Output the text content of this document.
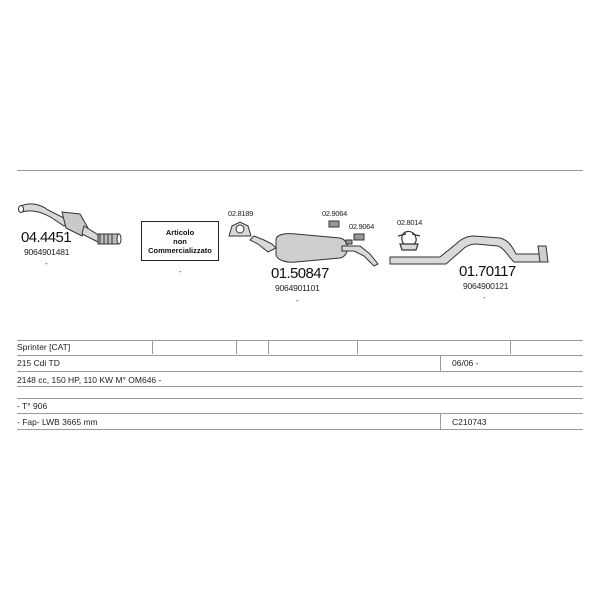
04.4451
9064901481
-
Articolo
non
Commercializzato
-
02.8189	02.9064
02.9064	02.8014
01.50847
9064901101
-
01.70117
9064900121
-
Sprinter [CAT]
215 Cdi TD	06/06 -
2148 cc, 150 HP, 110 KW M° OM646 -
- T° 906
- Fap- LWB 3665 mm	C210743
